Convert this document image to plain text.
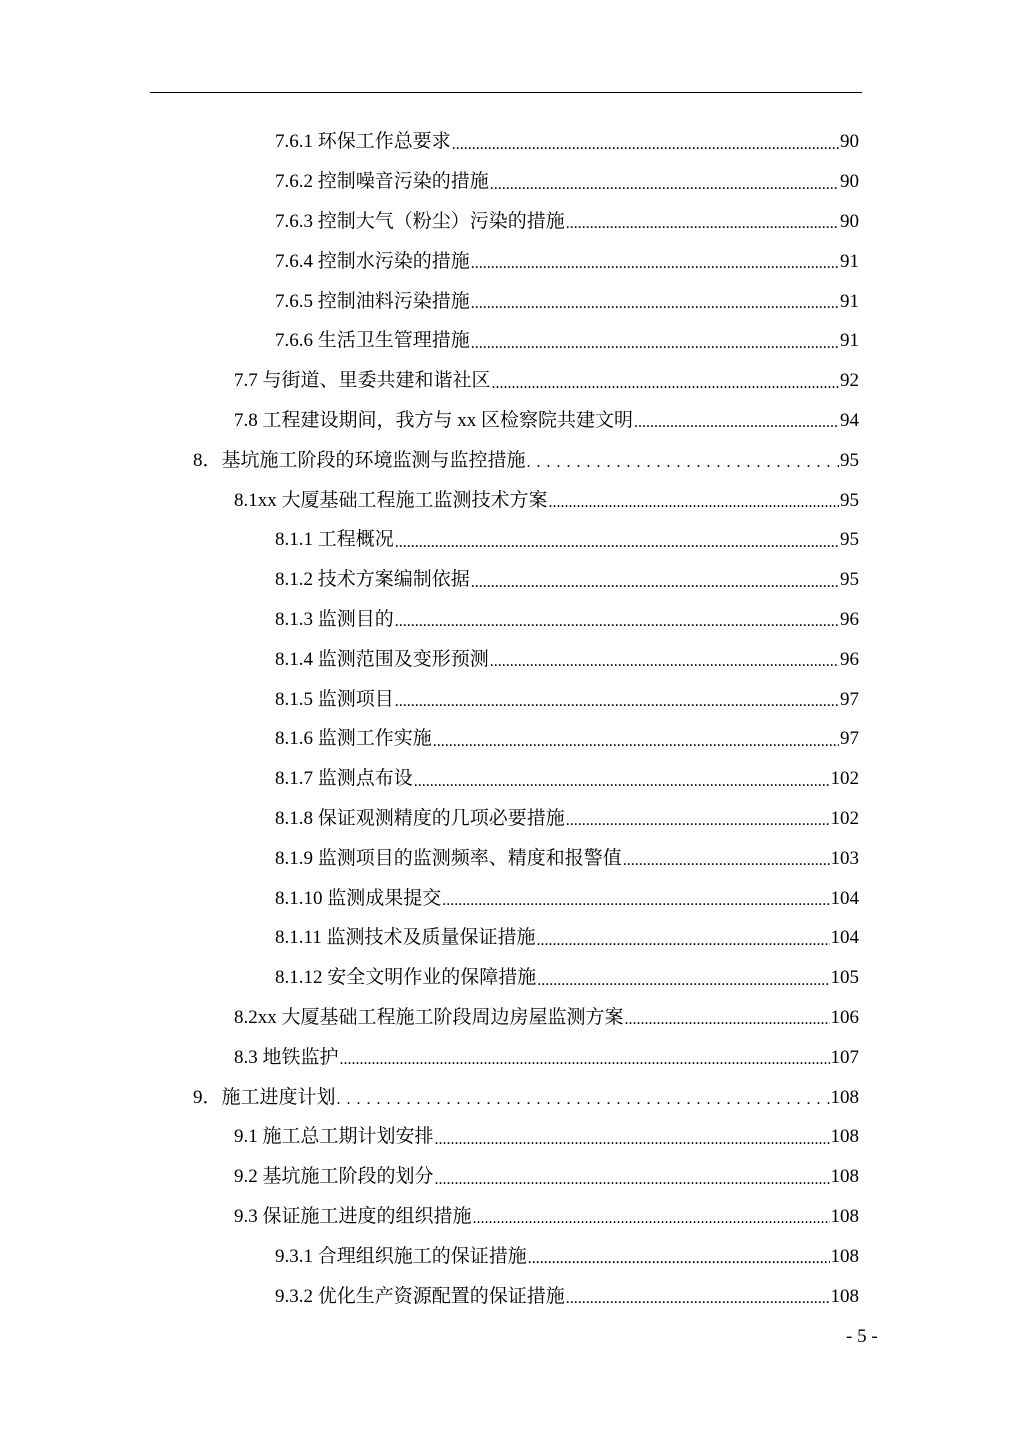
7.6.1 环保工作总要求 .....	90
7.6.2 控制噪音污染的措施 .....	90
7.6.3 控制大气（粉尘）污染的措施 .....	90
7.6.4 控制水污染的措施 .....	91
7.6.5 控制油料污染措施 .....	91
7.6.6 生活卫生管理措施 .....	91
7.7 与街道、里委共建和谐社区 .....	92
7.8 工程建设期间，我方与 xx 区检察院共建文明 .....	94
8．基坑施工阶段的环境监测与监控措施 . . .	95
8.1xx 大厦基础工程施工监测技术方案 .....	95
8.1.1 工程概况 .....	95
8.1.2 技术方案编制依据 .....	95
8.1.3 监测目的 .....	96
8.1.4 监测范围及变形预测 .....	96
8.1.5 监测项目 .....	97
8.1.6 监测工作实施 .....	97
8.1.7 监测点布设 .....	102
8.1.8 保证观测精度的几项必要措施 .....	102
8.1.9 监测项目的监测频率、精度和报警值 .....	103
8.1.10 监测成果提交 .....	104
8.1.11 监测技术及质量保证措施 .....	104
8.1.12 安全文明作业的保障措施 .....	105
8.2xx 大厦基础工程施工阶段周边房屋监测方案 .....	106
8.3 地铁监护 .....	107
9．施工进度计划 . . .	108
9.1 施工总工期计划安排 .....	108
9.2 基坑施工阶段的划分 .....	108
9.3 保证施工进度的组织措施 .....	108
9.3.1 合理组织施工的保证措施 .....	108
9.3.2 优化生产资源配置的保证措施 .....	108
- 5 -
